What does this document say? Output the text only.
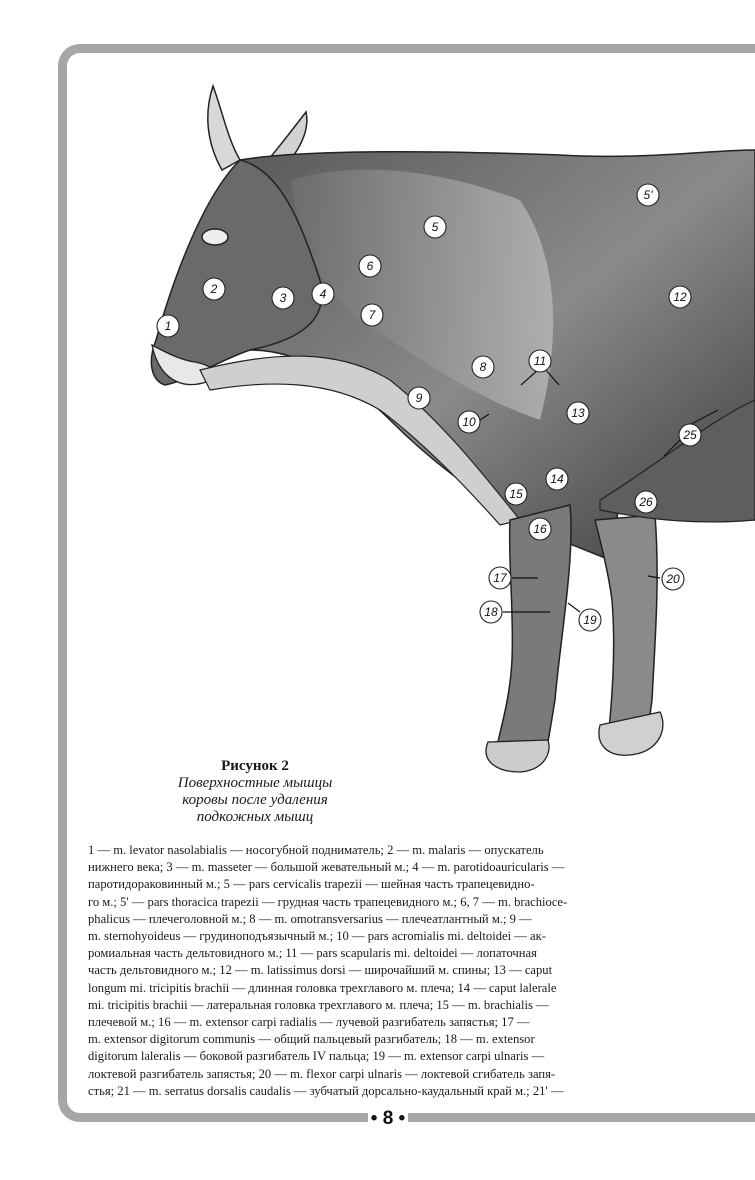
1
2
3	4
5
5'
6
7
8
9
10
11
12
13
14
15
16
17
18
19
20
25
26
Рисунок 2
Поверхностные мышцы
коровы после удаления
подкожных мышц
1 — m. levator nasolabialis — носогубной подниматель; 2 — m. malaris — опускатель
нижнего века; 3 — m. masseter — большой жевательный м.; 4 — m. parotidoauricularis —
паротидораковинный м.; 5 — pars cervicalis trapezii — шейная часть трапецевидно-
го м.; 5' — pars thoracica trapezii — грудная часть трапецевидного м.; 6, 7 — m. brachioce-
phalicus — плечеголовной м.; 8 — m. omotransversarius — плечеатлантный м.; 9 —
m. sternohyoideus — грудиноподъязычный м.; 10 — pars acromialis mi. deltoidei — ак-
ромиальная часть дельтовидного м.; 11 — pars scapularis mi. deltoidei — лопаточная
часть дельтовидного м.; 12 — m. latissimus dorsi — широчайший м. спины; 13 — caput
longum mi. tricipitis brachii — длинная головка трехглавого м. плеча; 14 — caput lalerale
mi. tricipitis brachii — латеральная головка трехглавого м. плеча; 15 — m. brachialis —
плечевой м.; 16 — m. extensor carpi radialis — лучевой разгибатель запястья; 17 —
m. extensor digitorum communis — общий пальцевый разгибатель; 18 — m. extensor
digitorum laleralis — боковой разгибатель IV пальца; 19 — m. extensor carpi ulnaris —
локтевой разгибатель запястья; 20 — m. flexor carpi ulnaris — локтевой сгибатель запя-
стья; 21 — m. serratus dorsalis caudalis — зубчатый дорсально-каудальный край м.; 21' —
• 8 •
